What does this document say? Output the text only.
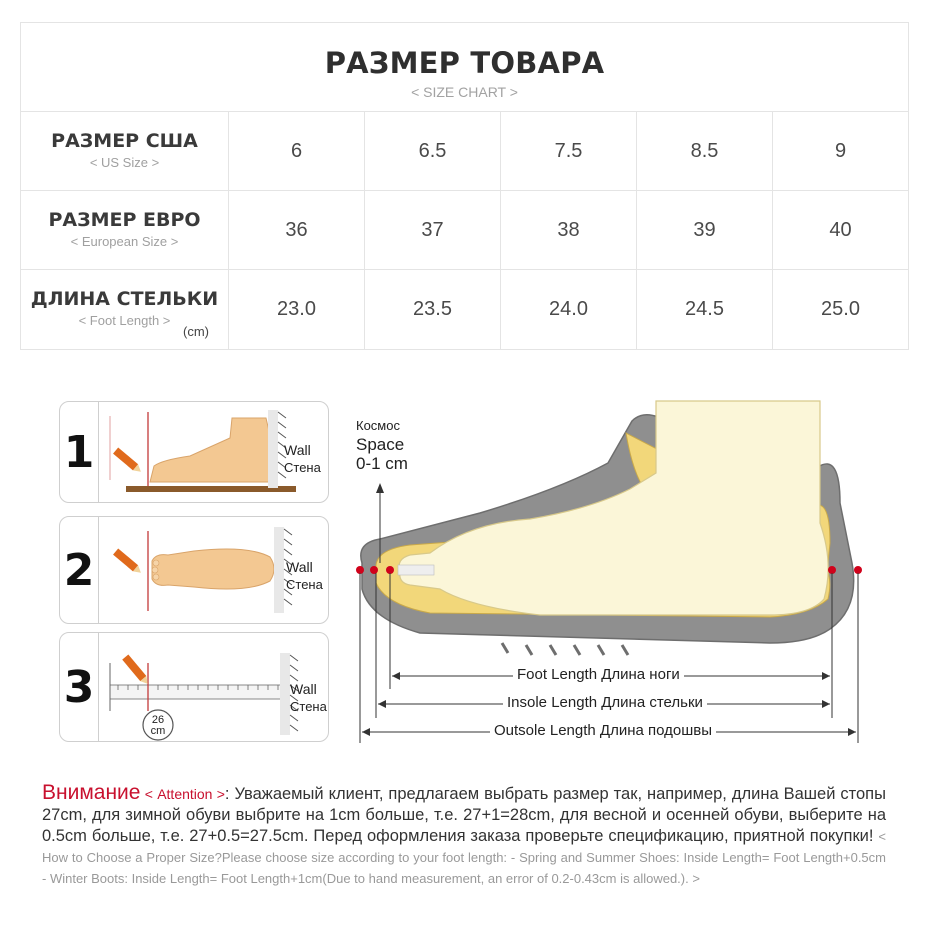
РАЗМЕР ТОВАРА
< SIZE CHART >
РАЗМЕР США
< US Size >
6	6.5	7.5	8.5	9
РАЗМЕР ЕВРО
< European Size >
36	37	38	39	40
ДЛИНА СТЕЛЬКИ
< Foot Length >
(cm)
23.0	23.5	24.0	24.5	25.0
1	Wall
Стена
2	Wall
Стена
3
26
cm
Wall
Стена
Космос
Space
0-1 cm
Foot Length Длина ноги
Insole Length Длина стельки
Outsole Length Длина подошвы
Внимание < Attention >: Уважаемый клиент, предлагаем выбрать размер так, например, длина Вашей стопы 27cm, для зимной обуви выбрите на 1cm больше, т.е. 27+1=28cm, для весной и осенней обуви, выберите на 0.5cm больше, т.е. 27+0.5=27.5cm. Перед оформления заказа проверьте спецификацию, приятной покупки! < How to Choose a Proper Size?Please choose size according to your foot length: - Spring and Summer Shoes: Inside Length= Foot Length+0.5cm - Winter Boots: Inside Length= Foot Length+1cm(Due to hand measurement, an error of 0.2-0.43cm is allowed.). >
